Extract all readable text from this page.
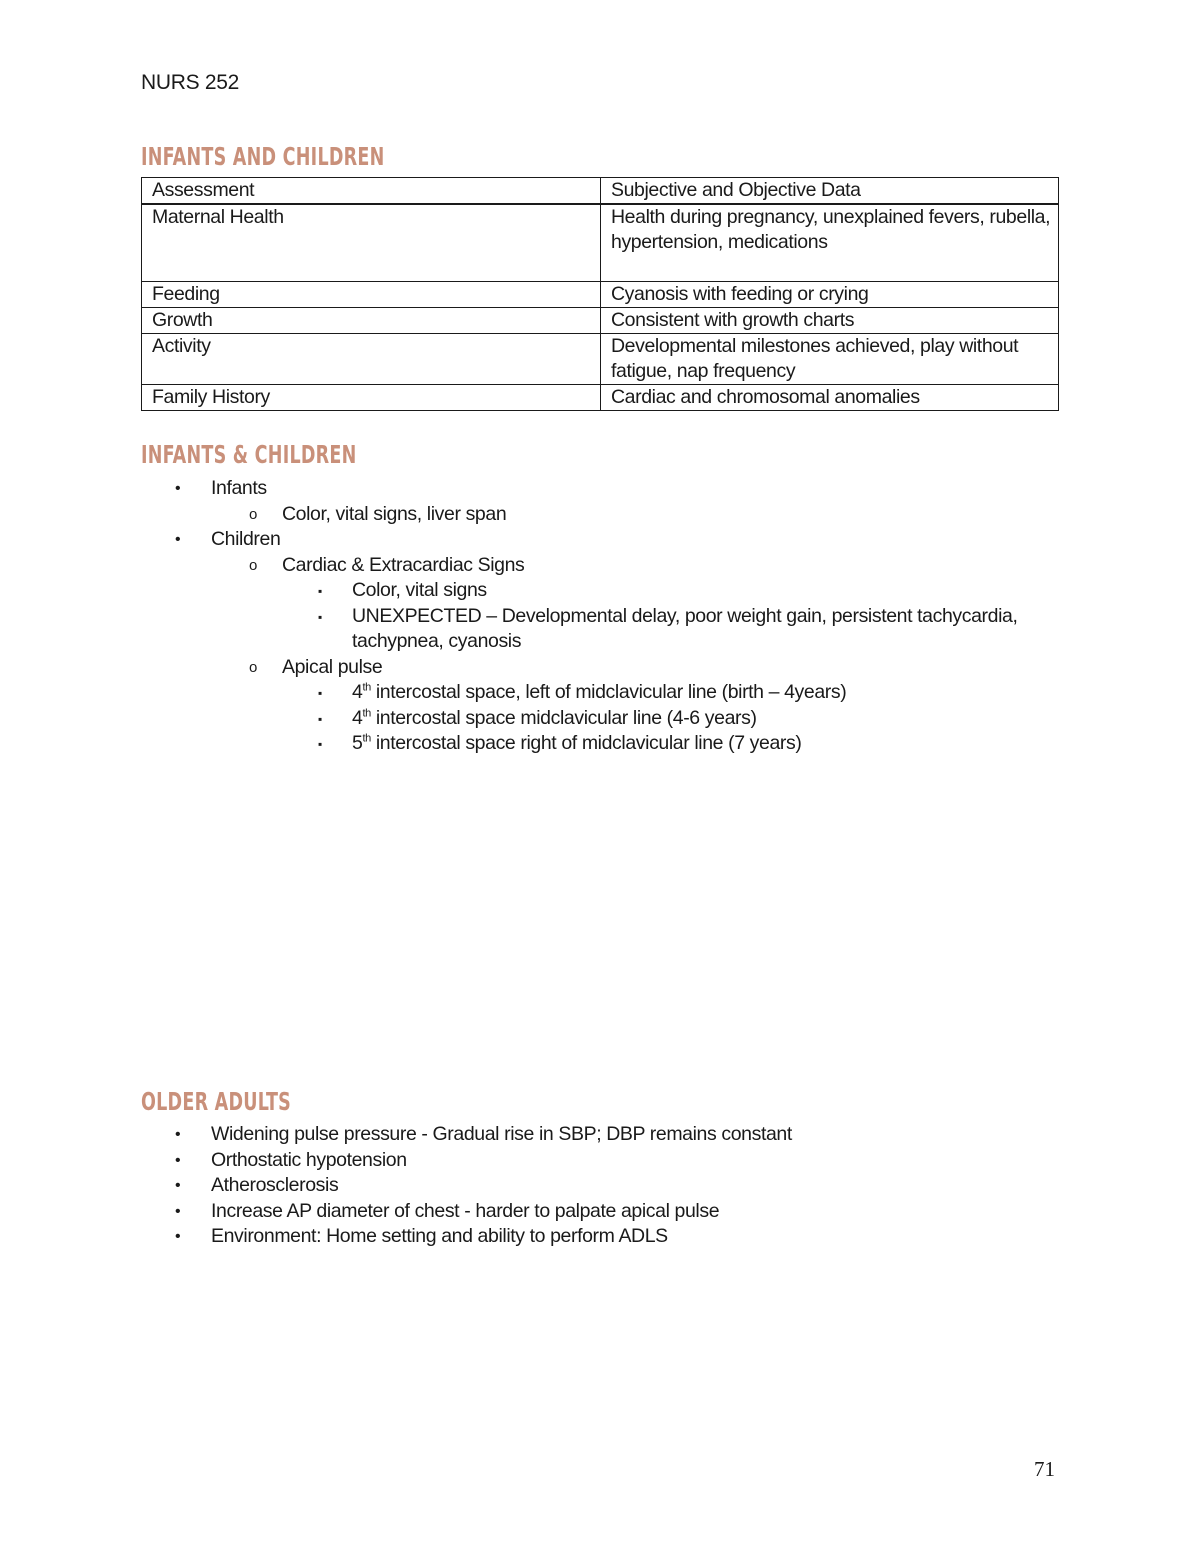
NURS 252
INFANTS AND CHILDREN
Assessment	Subjective and Objective Data
Maternal Health	Health during pregnancy, unexplained fevers, rubella, hypertension, medications
Feeding	Cyanosis with feeding or crying
Growth	Consistent with growth charts
Activity	Developmental milestones achieved, play without fatigue, nap frequency
Family History	Cardiac and chromosomal anomalies
INFANTS & CHILDREN
• Infants
o Color, vital signs, liver span
• Children
o Cardiac & Extracardiac Signs
▪ Color, vital signs
▪ UNEXPECTED – Developmental delay, poor weight gain, persistent tachycardia, tachypnea, cyanosis
o Apical pulse
▪ 4th intercostal space, left of midclavicular line (birth – 4years)
▪ 4th intercostal space midclavicular line (4-6 years)
▪ 5th intercostal space right of midclavicular line (7 years)
OLDER ADULTS
• Widening pulse pressure - Gradual rise in SBP; DBP remains constant
• Orthostatic hypotension
• Atherosclerosis
• Increase AP diameter of chest - harder to palpate apical pulse
• Environment: Home setting and ability to perform ADLS
71
